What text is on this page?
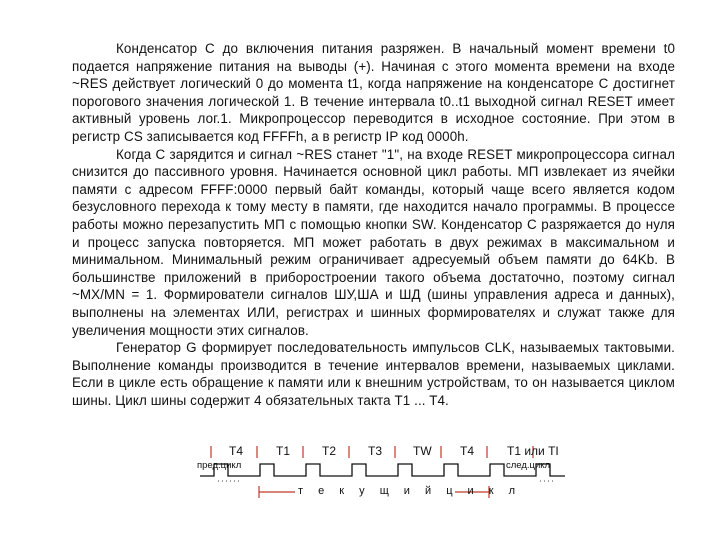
Конденсатор С до включения питания разряжен. В начальный момент времени t0 подается напряжение питания на выводы (+). Начиная с этого момента времени на входе ~RES действует логический 0 до момента t1, когда напряжение на конденсаторе С достигнет порогового значения логической 1. В течение интервала t0..t1 выходной сигнал RESET имеет активный уровень лог.1. Микропроцессор переводится в исходное состояние. При этом в регистр CS записывается код FFFFh, а в регистр IP код 0000h.

Когда С зарядится и сигнал ~RES станет "1", на входе RESET микропроцессора сигнал снизится до пассивного уровня. Начинается основной цикл работы. МП извлекает из ячейки памяти с адресом FFFF:0000 первый байт команды, который чаще всего является кодом безусловного перехода к тому месту в памяти, где находится начало программы. В процессе работы можно перезапустить МП с помощью кнопки SW. Конденсатор С разряжается до нуля и процесс запуска повторяется. МП может работать в двух режимах в максимальном и минимальном. Минимальный режим ограничивает адресуемый объем памяти до 64Kb. В большинстве приложений в приборостроении такого объема достаточно, поэтому сигнал ~MX/MN = 1. Формирователи сигналов ШУ,ША и ШД (шины управления адреса и данных), выполнены на элементах ИЛИ, регистрах и шинных формирователях и служат также для увеличения мощности этих сигналов.

Генератор G формирует последовательность импульсов CLK, называемых тактовыми. Выполнение команды производится в течение интервалов времени, называемых циклами. Если в цикле есть обращение к памяти или к внешним устройствам, то он называется циклом шины. Цикл шины содержит 4 обязательных такта T1 ... T4.

T4	T1	T2	T3	TW T4	T1 или TI
пред.цикл	след.цикл
т е к у щ и й ц и к л
